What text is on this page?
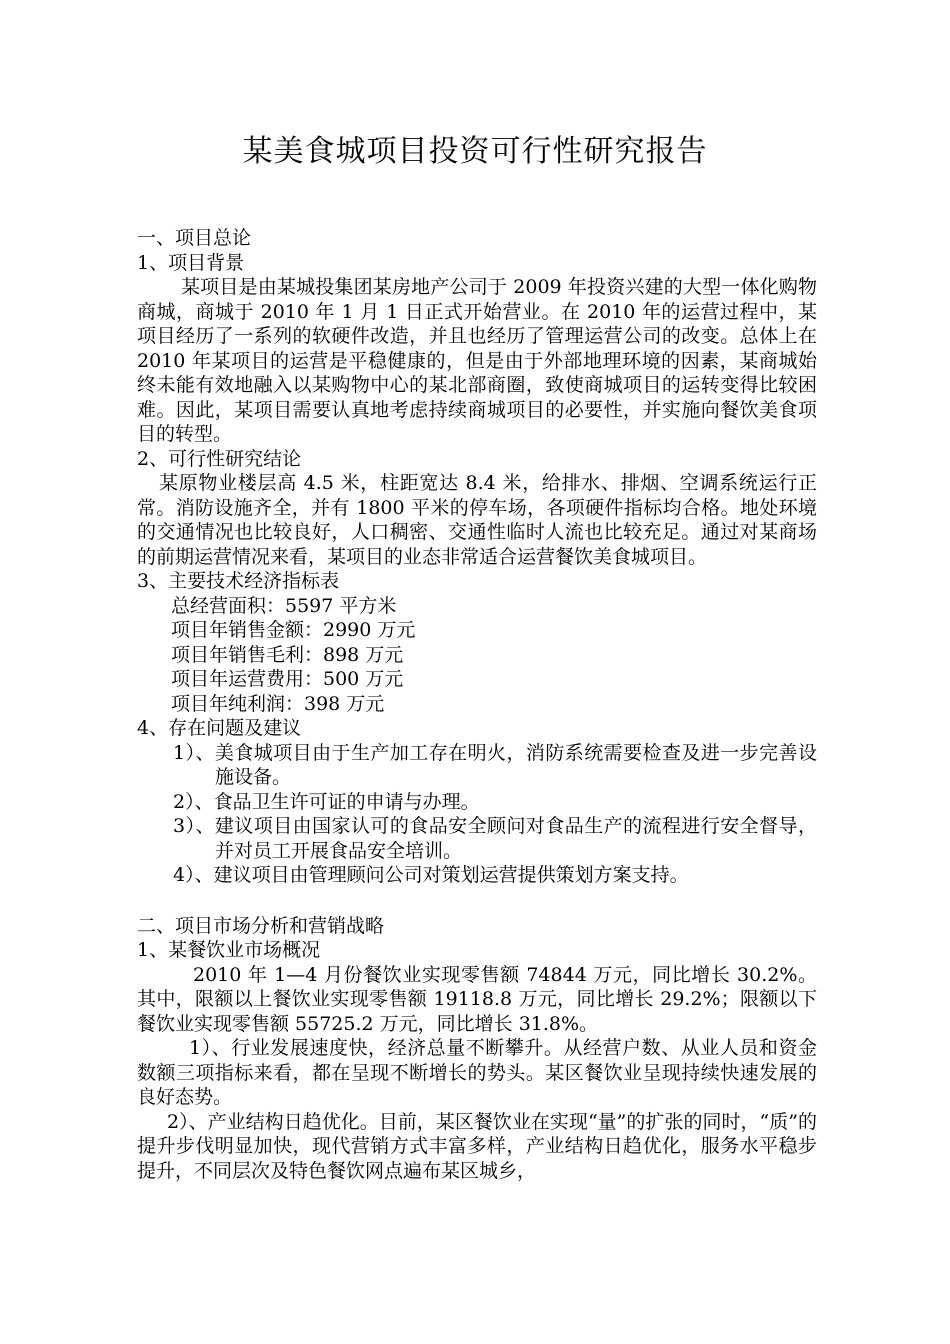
某美食城项目投资可行性研究报告
一、项目总论
1、项目背景
某项目是由某城投集团某房地产公司于 2009 年投资兴建的大型一体化购物商城，商城于 2010 年 1 月 1 日正式开始营业。在 2010 年的运营过程中，某项目经历了一系列的软硬件改造，并且也经历了管理运营公司的改变。总体上在 2010 年某项目的运营是平稳健康的，但是由于外部地理环境的因素，某商城始终未能有效地融入以某购物中心的某北部商圈，致使商城项目的运转变得比较困难。因此，某项目需要认真地考虑持续商城项目的必要性，并实施向餐饮美食项目的转型。
2、可行性研究结论
某原物业楼层高 4.5 米，柱距宽达 8.4 米，给排水、排烟、空调系统运行正常。消防设施齐全，并有 1800 平米的停车场，各项硬件指标均合格。地处环境的交通情况也比较良好，人口稠密、交通性临时人流也比较充足。通过对某商场的前期运营情况来看，某项目的业态非常适合运营餐饮美食城项目。
3、主要技术经济指标表
总经营面积：5597 平方米
项目年销售金额：2990 万元
项目年销售毛利：898 万元
项目年运营费用：500 万元
项目年纯利润：398 万元
4、存在问题及建议
1）、美食城项目由于生产加工存在明火，消防系统需要检查及进一步完善设施设备。
2）、食品卫生许可证的申请与办理。
3）、建议项目由国家认可的食品安全顾问对食品生产的流程进行安全督导，并对员工开展食品安全培训。
4）、建议项目由管理顾问公司对策划运营提供策划方案支持。
二、项目市场分析和营销战略
1、某餐饮业市场概况
2010 年 1—4 月份餐饮业实现零售额 74844 万元，同比增长 30.2%。其中，限额以上餐饮业实现零售额 19118.8 万元，同比增长 29.2%；限额以下餐饮业实现零售额 55725.2 万元，同比增长 31.8%。
1）、行业发展速度快，经济总量不断攀升。从经营户数、从业人员和资金数额三项指标来看，都在呈现不断增长的势头。某区餐饮业呈现持续快速发展的良好态势。
2）、产业结构日趋优化。目前，某区餐饮业在实现“量”的扩张的同时，“质”的提升步伐明显加快，现代营销方式丰富多样，产业结构日趋优化，服务水平稳步提升，不同层次及特色餐饮网点遍布某区城乡，
